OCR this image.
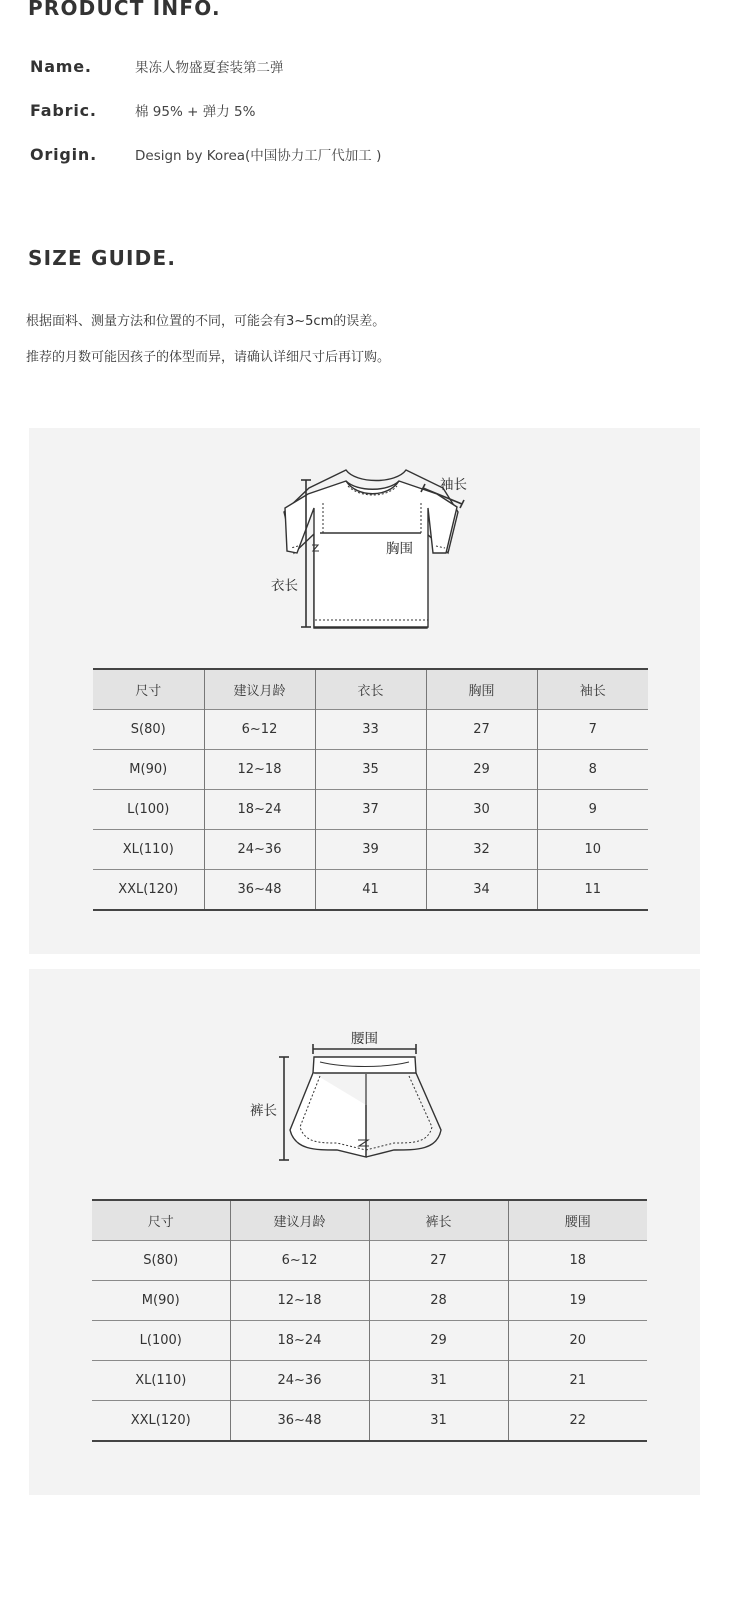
PRODUCT INFO.
Name.	果冻人物盛夏套装第二弹
Fabric.	棉 95% + 弹力 5%
Origin.	Design by Korea(中国协力工厂代加工 )
SIZE GUIDE.
根据面料、测量方法和位置的不同，可能会有3~5cm的误差。
推荐的月数可能因孩子的体型而异，请确认详细尺寸后再订购。
袖长
胸围
衣长
尺寸	建议月龄	衣长	胸围	袖长
S(80)	6~12	33	27	7
M(90)	12~18	35	29	8
L(100)	18~24	37	30	9
XL(110)	24~36	39	32	10
XXL(120)	36~48	41	34	11
腰围
裤长
尺寸	建议月龄	裤长	腰围
S(80)	6~12	27	18
M(90)	12~18	28	19
L(100)	18~24	29	20
XL(110)	24~36	31	21
XXL(120)	36~48	31	22
